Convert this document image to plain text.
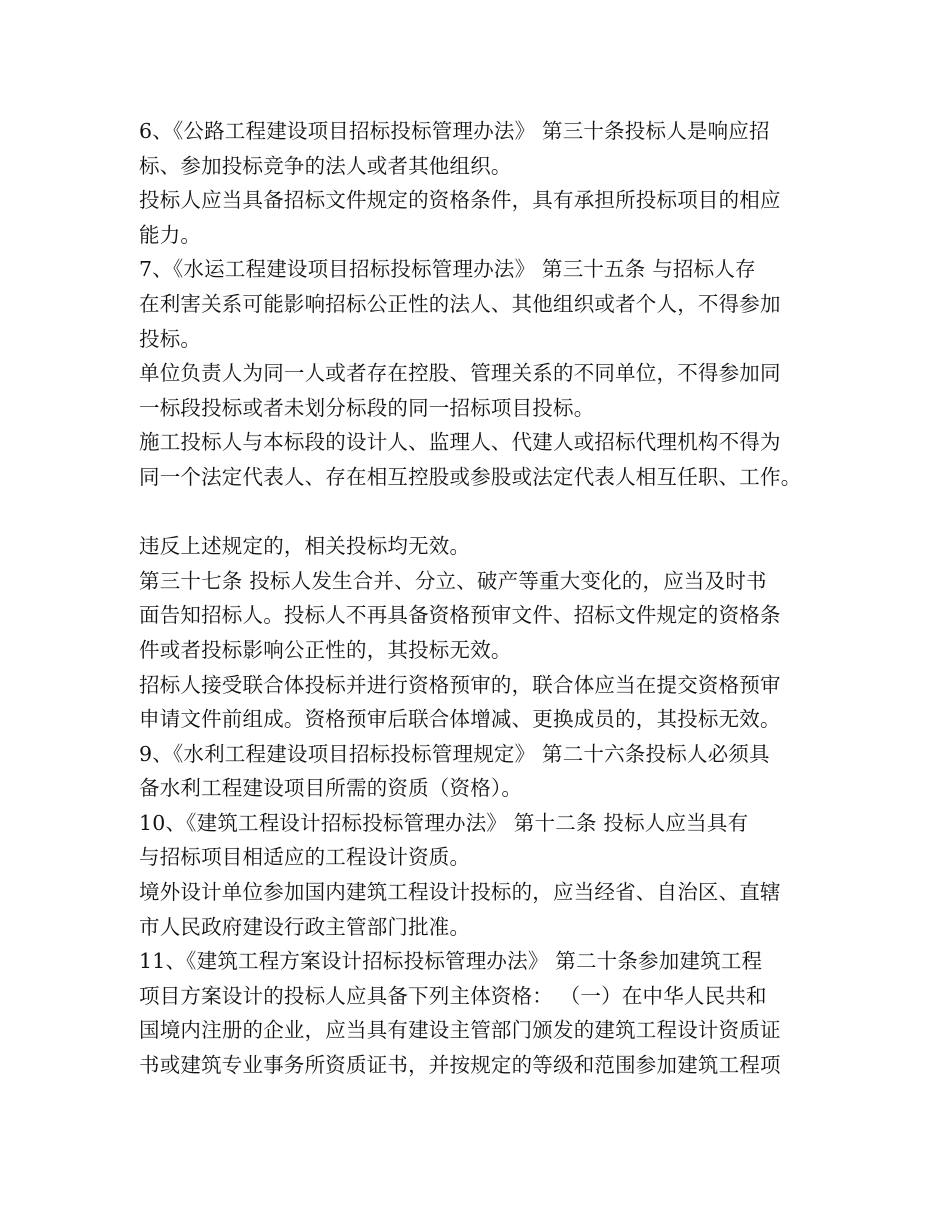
6、《公路工程建设项目招标投标管理办法》 第三十条投标人是响应招
标、参加投标竞争的法人或者其他组织。
投标人应当具备招标文件规定的资格条件，具有承担所投标项目的相应
能力。
7、《水运工程建设项目招标投标管理办法》 第三十五条 与招标人存
在利害关系可能影响招标公正性的法人、其他组织或者个人，不得参加
投标。
单位负责人为同一人或者存在控股、管理关系的不同单位，不得参加同
一标段投标或者未划分标段的同一招标项目投标。
施工投标人与本标段的设计人、监理人、代建人或招标代理机构不得为
同一个法定代表人、存在相互控股或参股或法定代表人相互任职、工作。
违反上述规定的，相关投标均无效。
第三十七条 投标人发生合并、分立、破产等重大变化的，应当及时书
面告知招标人。投标人不再具备资格预审文件、招标文件规定的资格条
件或者投标影响公正性的，其投标无效。
招标人接受联合体投标并进行资格预审的，联合体应当在提交资格预审
申请文件前组成。资格预审后联合体增减、更换成员的，其投标无效。
9、《水利工程建设项目招标投标管理规定》 第二十六条投标人必须具
备水利工程建设项目所需的资质（资格）。
10、《建筑工程设计招标投标管理办法》 第十二条 投标人应当具有
与招标项目相适应的工程设计资质。
境外设计单位参加国内建筑工程设计投标的，应当经省、自治区、直辖
市人民政府建设行政主管部门批准。
11、《建筑工程方案设计招标投标管理办法》 第二十条参加建筑工程
项目方案设计的投标人应具备下列主体资格： （一）在中华人民共和
国境内注册的企业，应当具有建设主管部门颁发的建筑工程设计资质证
书或建筑专业事务所资质证书，并按规定的等级和范围参加建筑工程项
